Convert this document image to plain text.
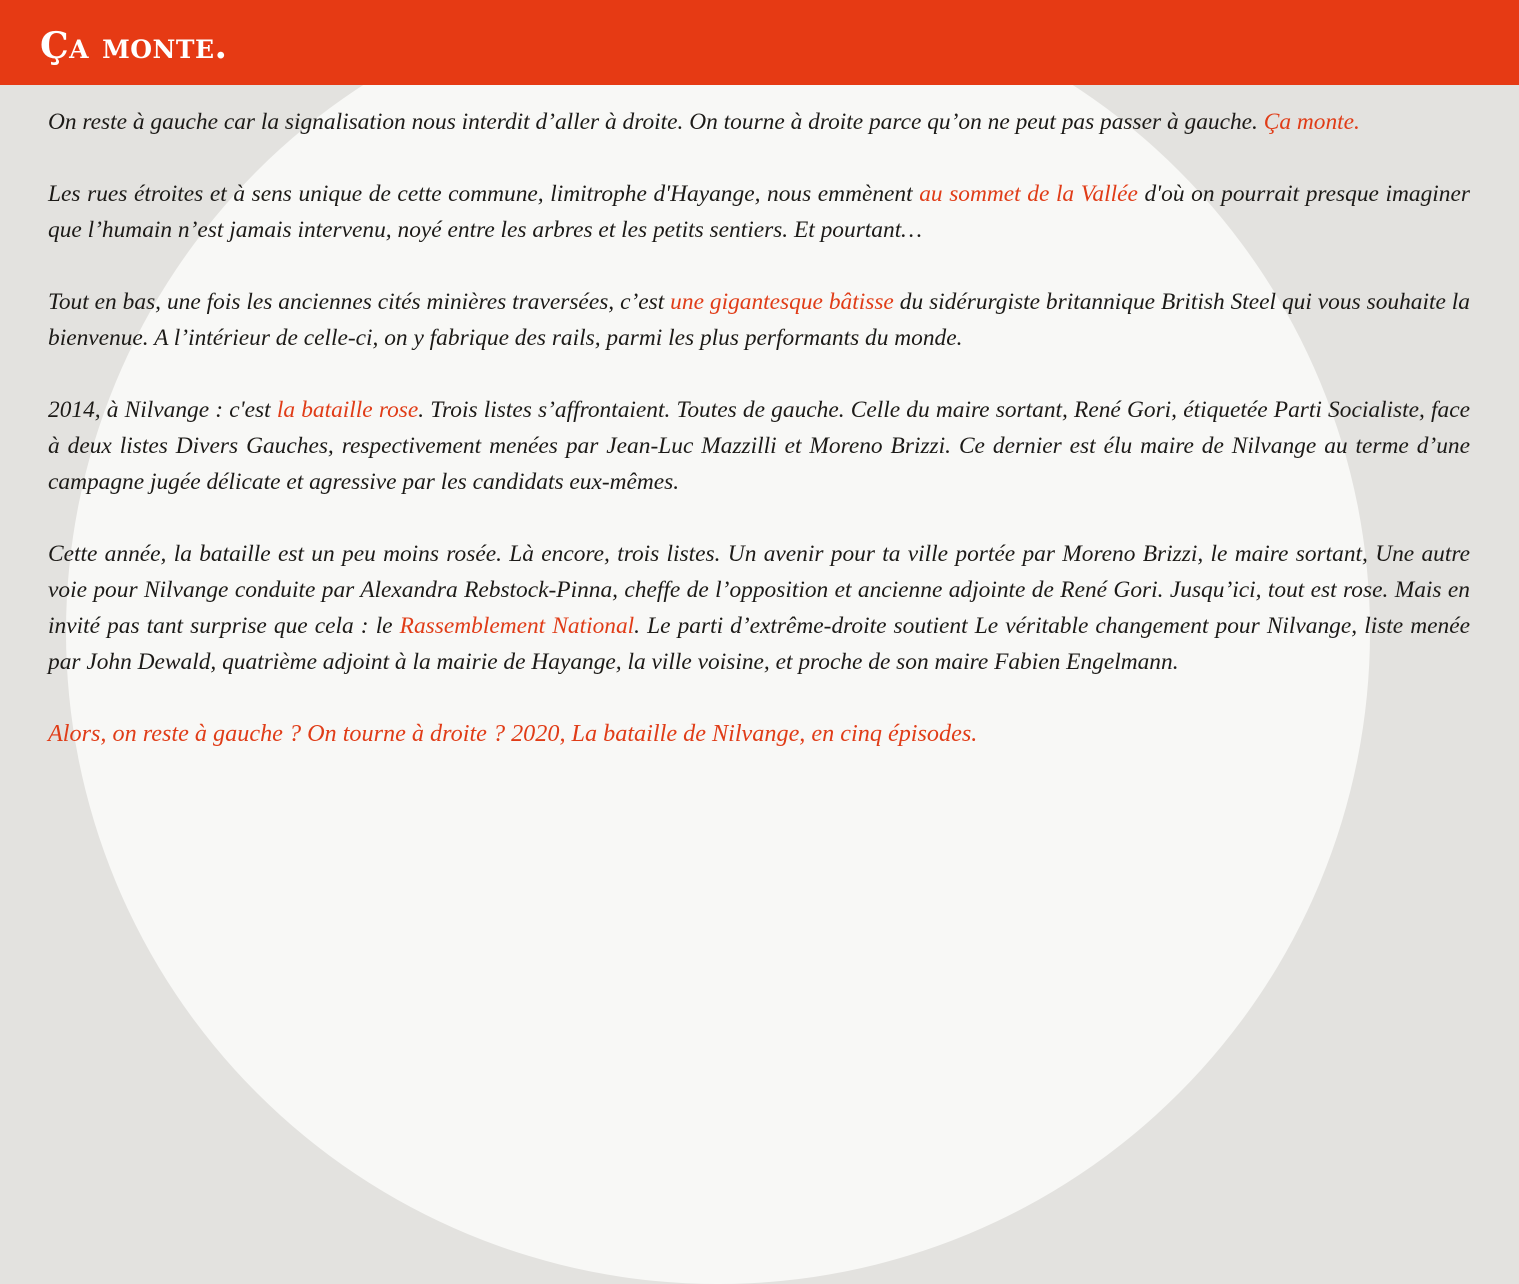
Ça monte.

On reste à gauche car la signalisation nous interdit d’aller à droite. On tourne à droite parce qu’on ne peut pas passer à gauche. Ça monte.

Les rues étroites et à sens unique de cette commune, limitrophe d'Hayange, nous emmènent au sommet de la Vallée d'où on pourrait presque imaginer que l’humain n’est jamais intervenu, noyé entre les arbres et les petits sentiers. Et pourtant…

Tout en bas, une fois les anciennes cités minières traversées, c’est une gigantesque bâtisse du sidérurgiste britannique British Steel qui vous souhaite la bienvenue. A l’intérieur de celle-ci, on y fabrique des rails, parmi les plus performants du monde.

2014, à Nilvange : c'est la bataille rose. Trois listes s’affrontaient. Toutes de gauche. Celle du maire sortant, René Gori, étiquetée Parti Socialiste, face à deux listes Divers Gauches, respectivement menées par Jean-Luc Mazzilli et Moreno Brizzi. Ce dernier est élu maire de Nilvange au terme d’une campagne jugée délicate et agressive par les candidats eux-mêmes.

Cette année, la bataille est un peu moins rosée. Là encore, trois listes. Un avenir pour ta ville portée par Moreno Brizzi, le maire sortant, Une autre voie pour Nilvange conduite par Alexandra Rebstock-Pinna, cheffe de l’opposition et ancienne adjointe de René Gori. Jusqu’ici, tout est rose. Mais en invité pas tant surprise que cela : le Rassemblement National. Le parti d’extrême-droite soutient Le véritable changement pour Nilvange, liste menée par John Dewald, quatrième adjoint à la mairie de Hayange, la ville voisine, et proche de son maire Fabien Engelmann.

Alors, on reste à gauche ? On tourne à droite ? 2020, La bataille de Nilvange, en cinq épisodes.
